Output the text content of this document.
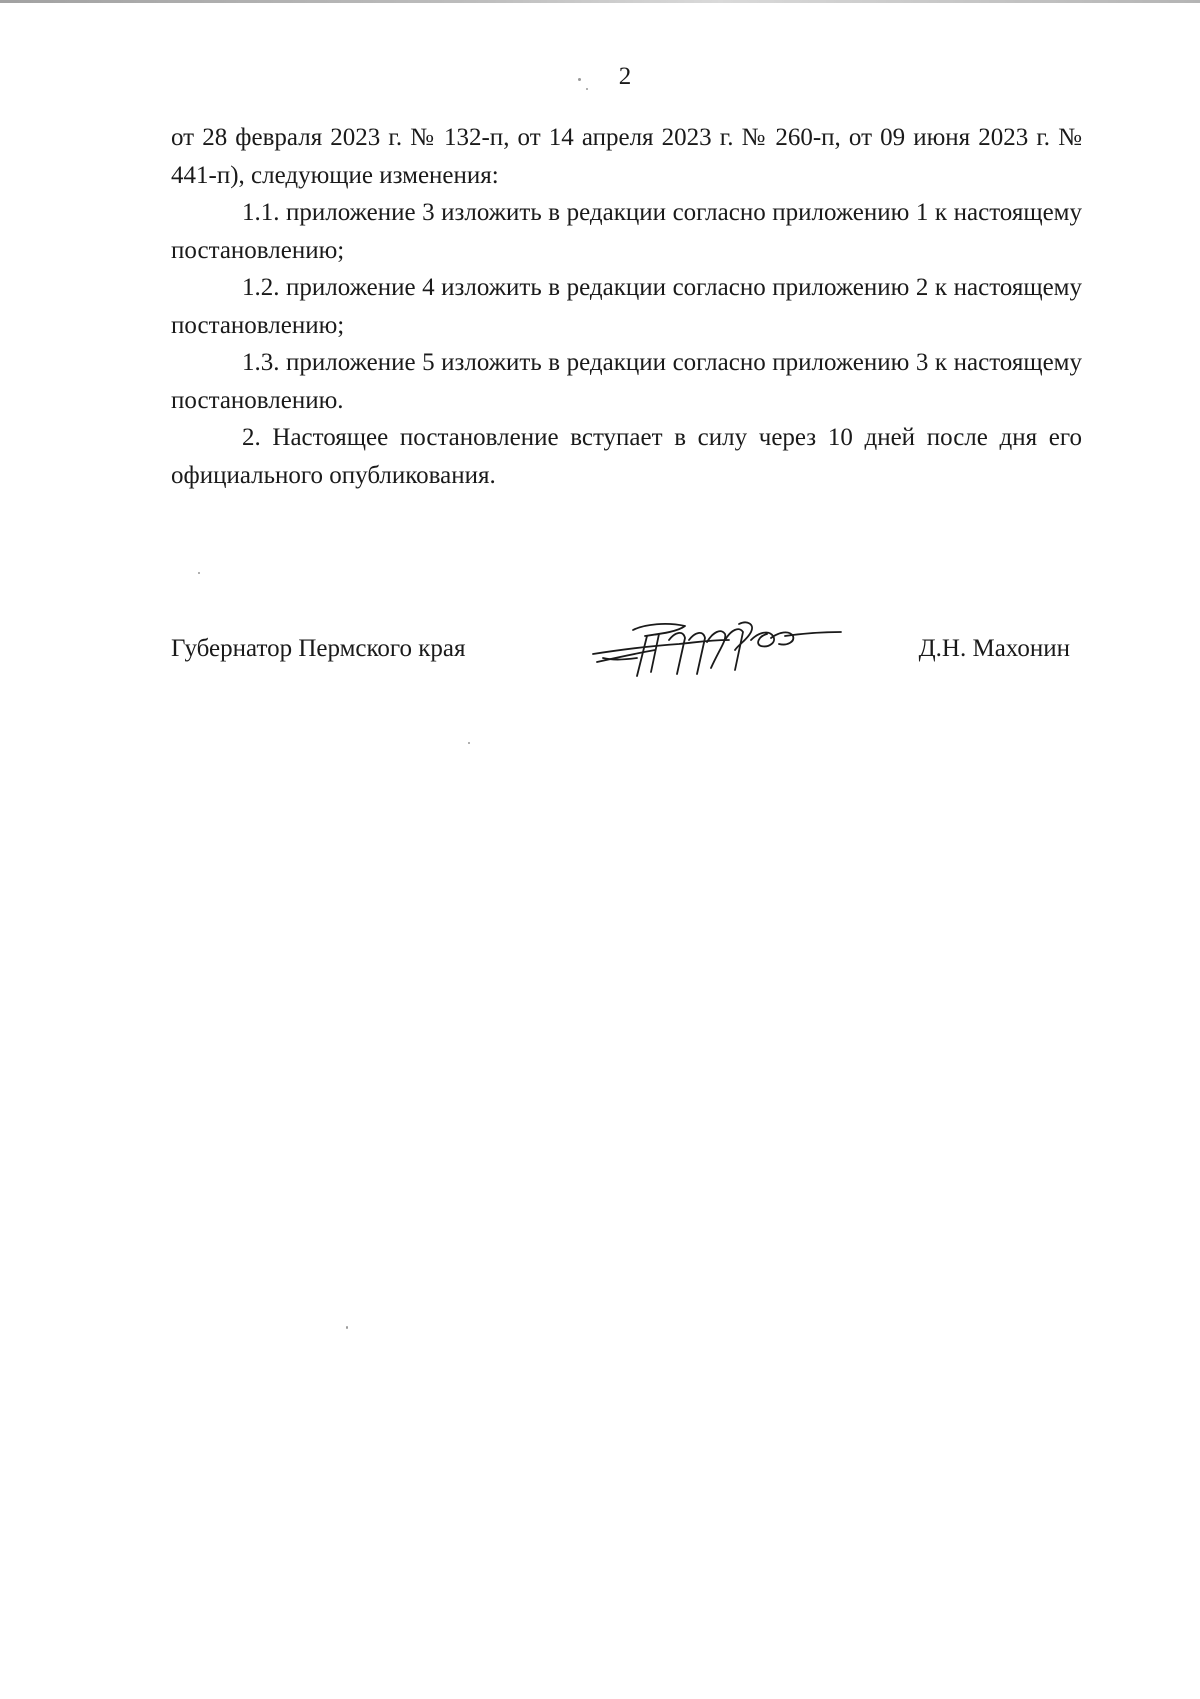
2

от 28 февраля 2023 г. № 132-п, от 14 апреля 2023 г. № 260-п, от 09 июня 2023 г. № 441-п), следующие изменения:

1.1. приложение 3 изложить в редакции согласно приложению 1 к настоящему постановлению;

1.2. приложение 4 изложить в редакции согласно приложению 2 к настоящему постановлению;

1.3. приложение 5 изложить в редакции согласно приложению 3 к настоящему постановлению.

2. Настоящее постановление вступает в силу через 10 дней после дня его официального опубликования.

Губернатор Пермского края	Д.Н. Махонин
